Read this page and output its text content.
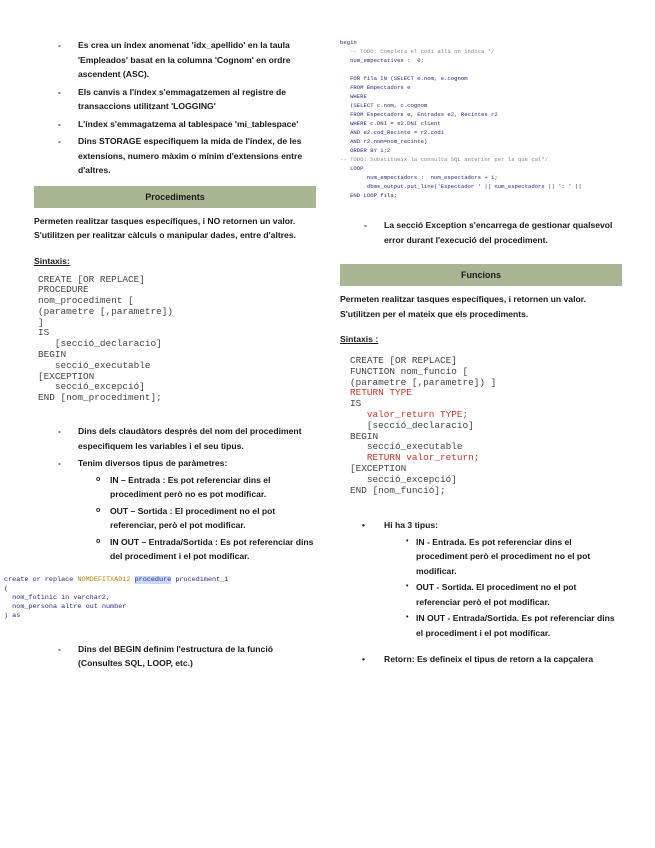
- Es crea un índex anomenat 'idx_apellido' en la taula 'Empleados' basat en la columna 'Cognom' en ordre ascendent (ASC).
- Els canvis a l'índex s'emmagatzemen al registre de transaccions utilitzant 'LOGGING'
- L'índex s'emmagatzema al tablespace 'mi_tablespace'
- Dins STORAGE especifiquem la mida de l'índex, de les extensions, numero màxim o mínim d'extensions entre d'altres.
Procediments
Permeten realitzar tasques específiques, i NO retornen un valor. S'utilitzen per realitzar càlculs o manipular dades, entre d'altres.
Sintaxis:
CREATE [OR REPLACE]
PROCEDURE
nom_procediment [
(parametre [,parametre])
]
IS
[secció_declaracio]
BEGIN
secció_executable
[EXCEPTION
secció_excepció]
END [nom_procediment];
- Dins dels claudàtors després del nom del procediment especifiquem les variables i el seu tipus.
- Tenim diversos tipus de paràmetres:
o IN – Entrada : Es pot referenciar dins el procediment però no es pot modificar.
o OUT – Sortida : El procediment no el pot referenciar, però el pot modificar.
o IN OUT – Entrada/Sortida : Es pot referenciar dins del procediment i el pot modificar.
create or replace NOMDEFITXAD12 procedure procediment_1
(
nom_fotinic in varchar2,
nom_persona altre out number
) as
- Dins del BEGIN definim l'estructura de la funció (Consultes SQL, LOOP, etc.)
begin
-- TODO: Completa el codi allà on indica */
num_empectatives :  0;

FOR fila IN (SELECT e.nom, e.cognom
FROM Empectadors e
WHERE
(SELECT c.nom, c.cognom
FROM Espectadors e, Entrades e2, Recintes r2
WHERE c.DNI = e2.DNI client
AND e2.cod_Recinte = r2.codi
AND r2.nom=nom_recinte)
ORDER BY 1;2
-- TODO: Substitueix la consulta SQL anterior per la que cal*/
LOOP
num_empectadors :  num_espectadors + 1;
dbms_output.put_line('Espectador ' || num_espectadors || ': ' ||
END LOOP fila;
- La secció Exception s'encarrega de gestionar qualsevol error durant l'execució del procediment.
Funcions
Permeten realitzar tasques específiques, i retornen un valor. S'utilitzen per el mateix que els procediments.
Sintaxis :
CREATE [OR REPLACE]
FUNCTION nom_funcio [
(parametre [,parametre]) ]
RETURN TYPE
IS
valor_return TYPE;
[secció_declaracio]
BEGIN
secció_executable
RETURN valor_return;
[EXCEPTION
secció_excepció]
END [nom_funció];
• Hi ha 3 tipus:
• IN - Entrada. Es pot referenciar dins el procediment però el procediment no el pot modificar.
• OUT - Sortida. El procediment no el pot referenciar però el pot modificar.
• IN OUT - Entrada/Sortida. Es pot referenciar dins el procediment i el pot modificar.
• Retorn: Es defineix el tipus de retorn a la capçalera
